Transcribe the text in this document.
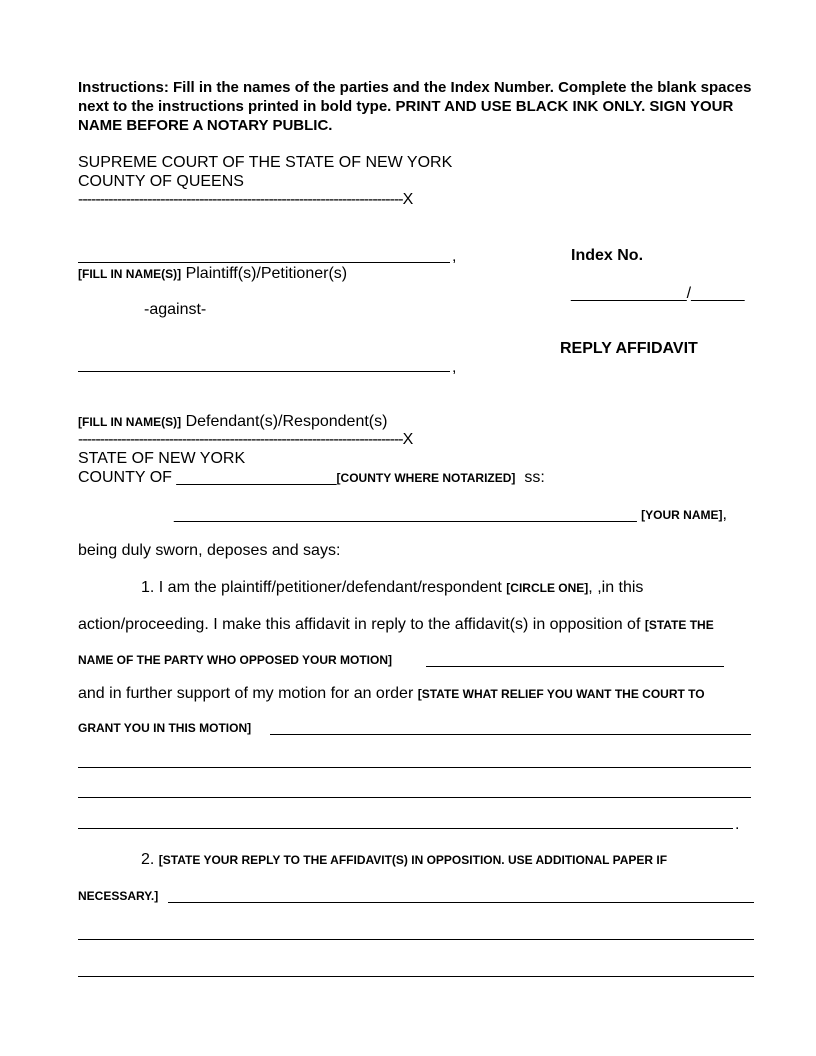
Instructions: Fill in the names of the parties and the Index Number. Complete the blank spaces next to the instructions printed in bold type. PRINT AND USE BLACK INK ONLY. SIGN YOUR NAME BEFORE A NOTARY PUBLIC.
SUPREME COURT OF THE STATE OF NEW YORK
COUNTY OF QUEENS
---------------------------------------------------------------------------X
,
[FILL IN NAME(S)] Plaintiff(s)/Petitioner(s)
-against-
Index No.
_____________/______
REPLY AFFIDAVIT
,
[FILL IN NAME(S)] Defendant(s)/Respondent(s)
---------------------------------------------------------------------------X
STATE OF NEW YORK
COUNTY OF __________________[COUNTY WHERE NOTARIZED] ss:
____________________________________________________ [YOUR NAME],
being duly sworn, deposes and says:
1. I am the plaintiff/petitioner/defendant/respondent [CIRCLE ONE], ,in this
action/proceeding. I make this affidavit in reply to the affidavit(s) in opposition of [STATE THE
NAME OF THE PARTY WHO OPPOSED YOUR MOTION]
and in further support of my motion for an order [STATE WHAT RELIEF YOU WANT THE COURT TO
GRANT YOU IN THIS MOTION]
.
2. [STATE YOUR REPLY TO THE AFFIDAVIT(S) IN OPPOSITION. USE ADDITIONAL PAPER IF
NECESSARY.]
